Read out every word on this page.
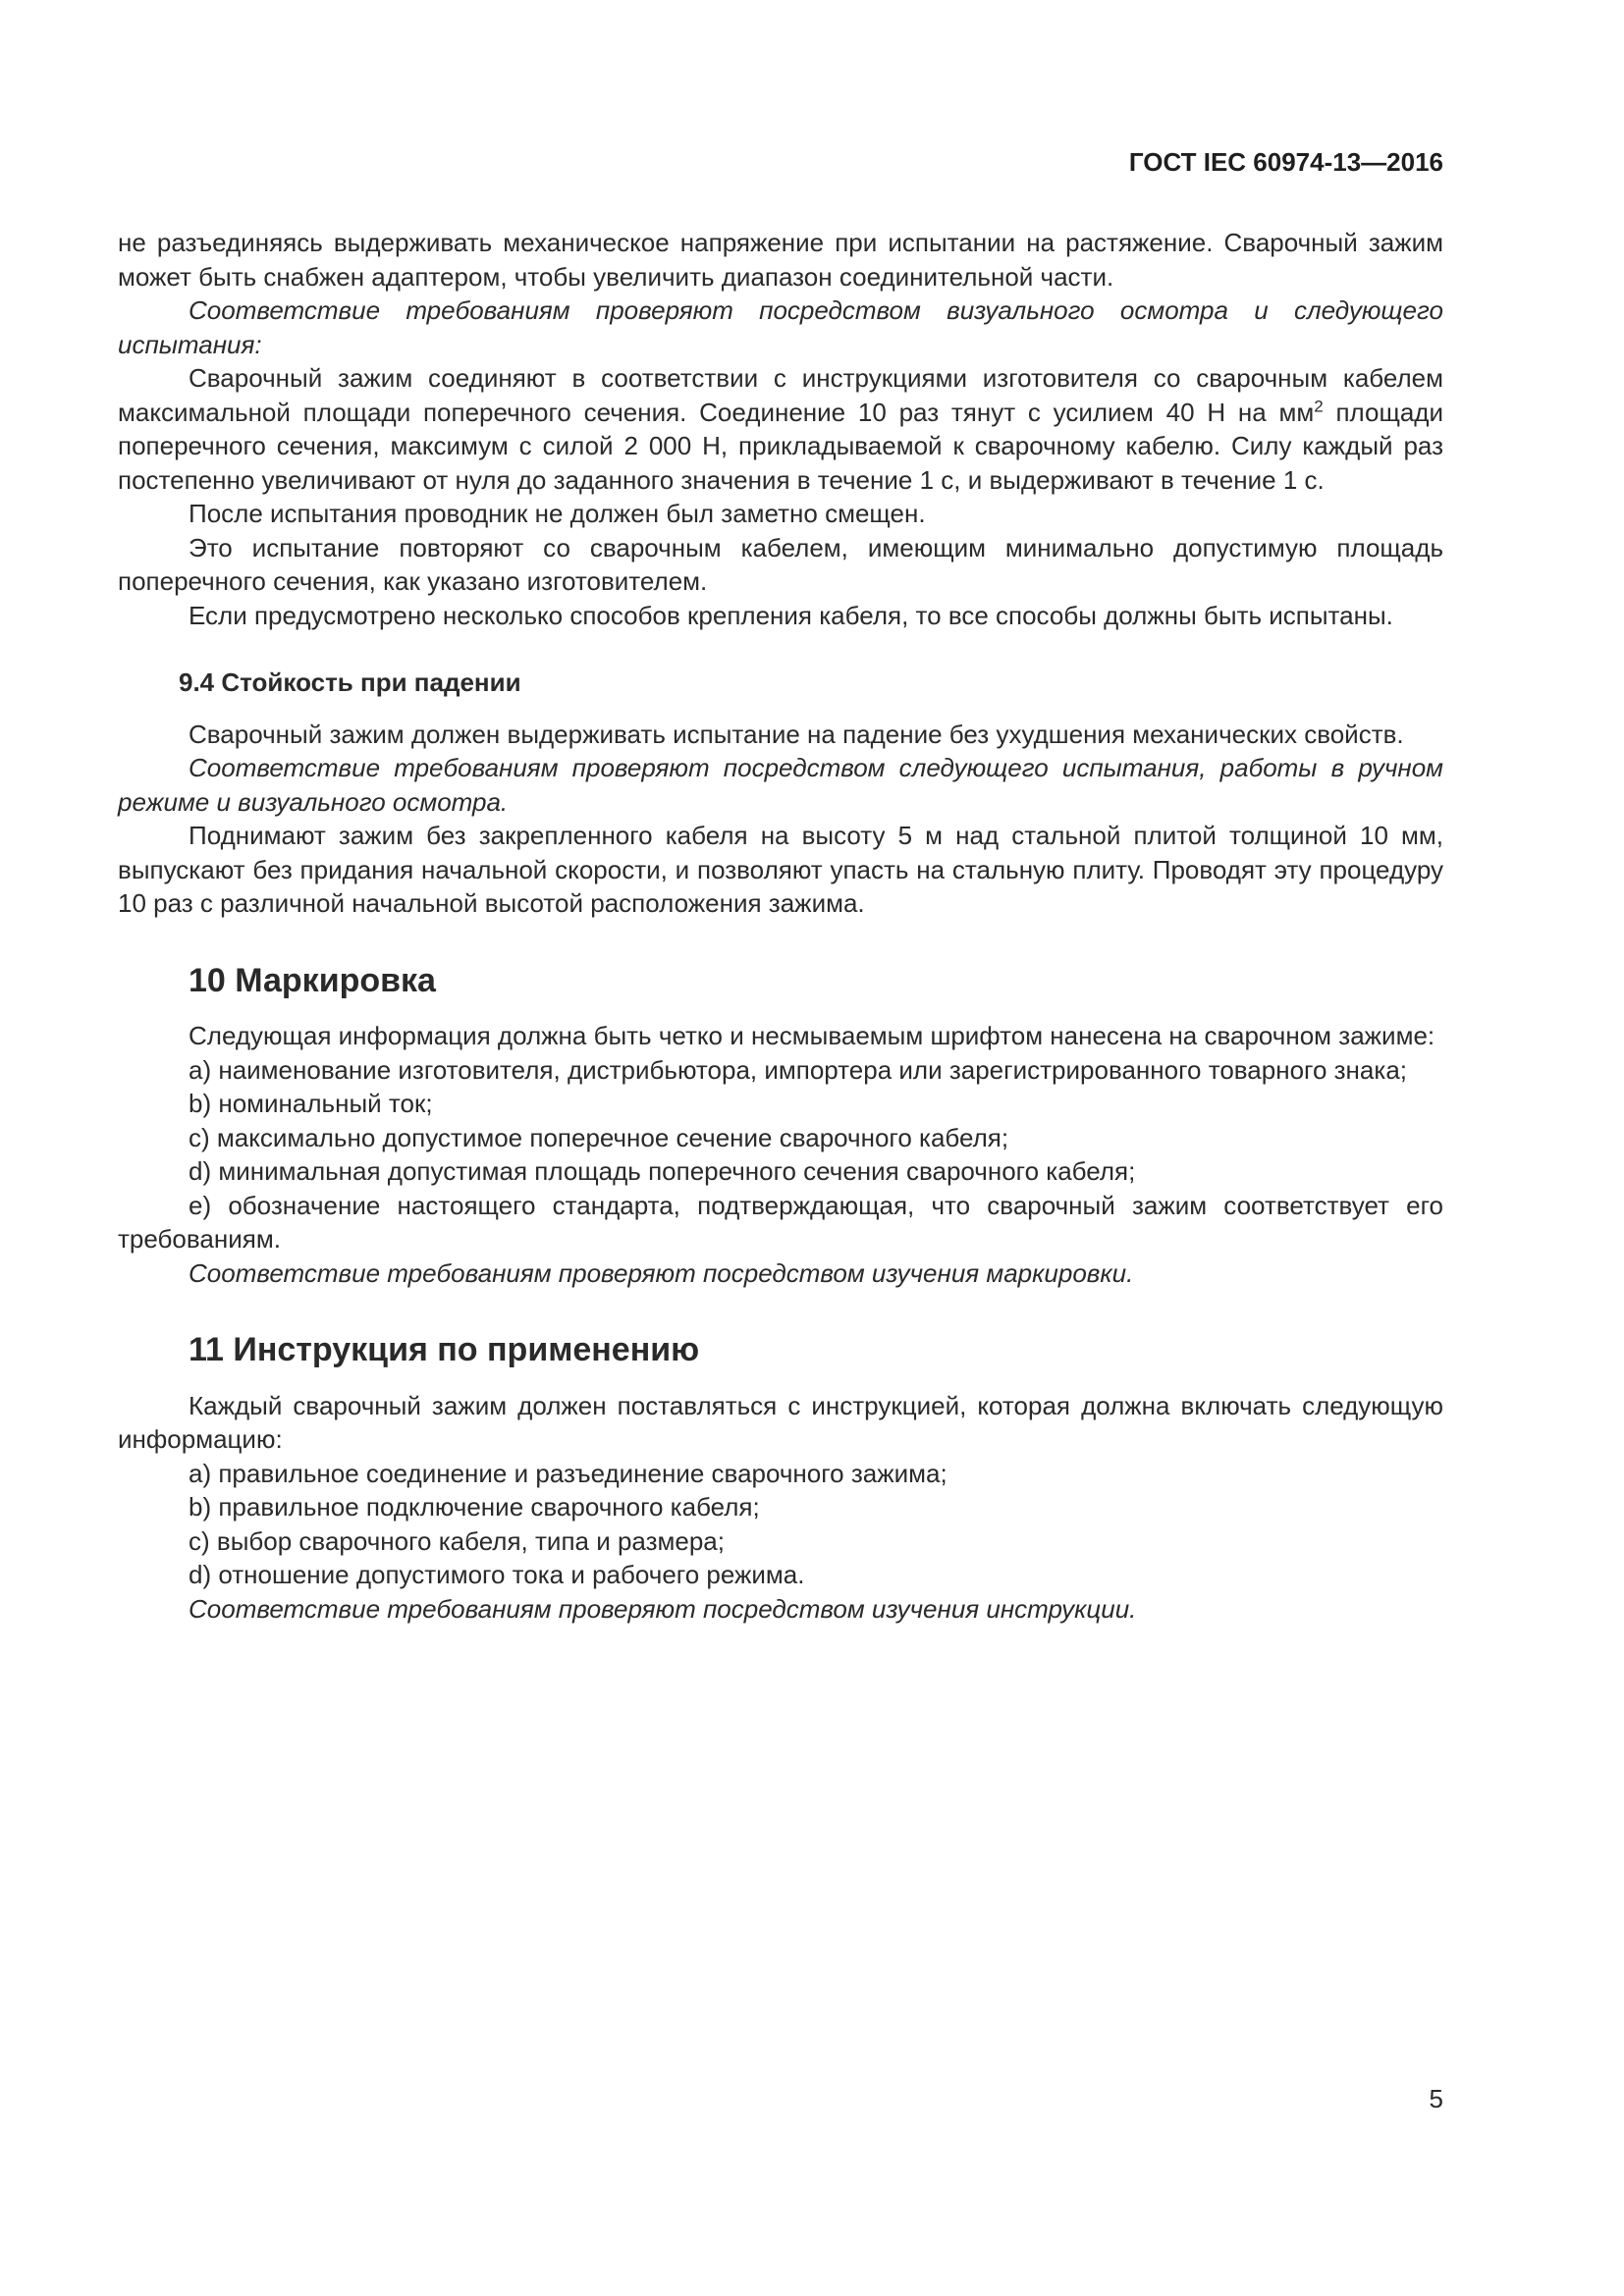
ГОСТ IEC 60974-13—2016

не разъединяясь выдерживать механическое напряжение при испытании на растяжение. Сварочный зажим может быть снабжен адаптером, чтобы увеличить диапазон соединительной части.

Соответствие требованиям проверяют посредством визуального осмотра и следующего испытания:

Сварочный зажим соединяют в соответствии с инструкциями изготовителя со сварочным кабелем максимальной площади поперечного сечения. Соединение 10 раз тянут с усилием 40 Н на $мм^2$ площади поперечного сечения, максимум с силой 2 000 Н, прикладываемой к сварочному кабелю. Силу каждый раз постепенно увеличивают от нуля до заданного значения в течение 1 с, и выдерживают в течение 1 с.

После испытания проводник не должен был заметно смещен.

Это испытание повторяют со сварочным кабелем, имеющим минимально допустимую площадь поперечного сечения, как указано изготовителем.

Если предусмотрено несколько способов крепления кабеля, то все способы должны быть испытаны.

9.4 Стойкость при падении

Сварочный зажим должен выдерживать испытание на падение без ухудшения механических свойств.

Соответствие требованиям проверяют посредством следующего испытания, работы в ручном режиме и визуального осмотра.

Поднимают зажим без закрепленного кабеля на высоту 5 м над стальной плитой толщиной 10 мм, выпускают без придания начальной скорости, и позволяют упасть на стальную плиту. Проводят эту процедуру 10 раз с различной начальной высотой расположения зажима.

10 Маркировка

Следующая информация должна быть четко и несмываемым шрифтом нанесена на сварочном зажиме:

a) наименование изготовителя, дистрибьютора, импортера или зарегистрированного товарного знака;

b) номинальный ток;

c) максимально допустимое поперечное сечение сварочного кабеля;

d) минимальная допустимая площадь поперечного сечения сварочного кабеля;

e) обозначение настоящего стандарта, подтверждающая, что сварочный зажим соответствует его требованиям.

Соответствие требованиям проверяют посредством изучения маркировки.

11 Инструкция по применению

Каждый сварочный зажим должен поставляться с инструкцией, которая должна включать следующую информацию:

a) правильное соединение и разъединение сварочного зажима;

b) правильное подключение сварочного кабеля;

c) выбор сварочного кабеля, типа и размера;

d) отношение допустимого тока и рабочего режима.

Соответствие требованиям проверяют посредством изучения инструкции.

5
